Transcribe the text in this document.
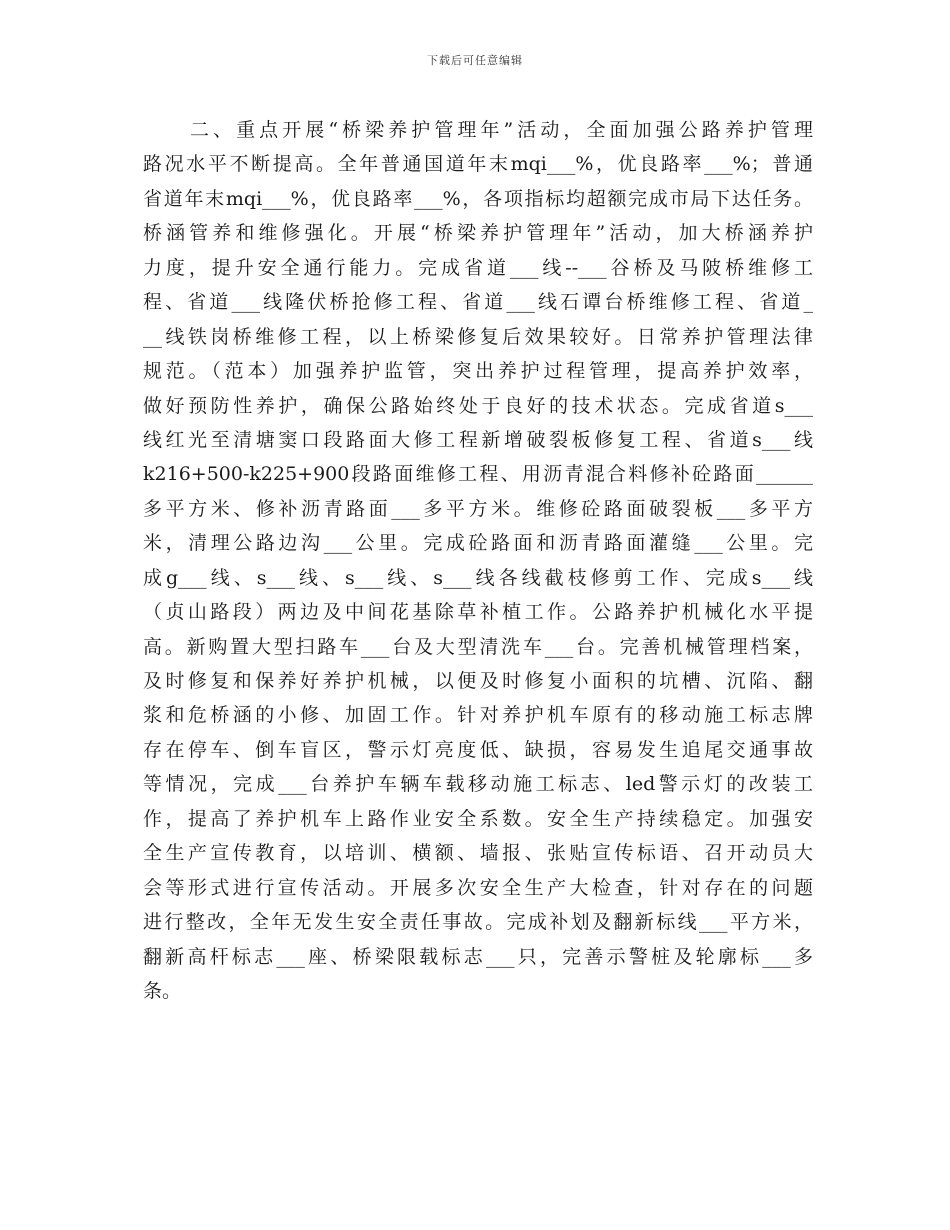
下载后可任意编辑
二、重点开展“桥梁养护管理年”活动，全面加强公路养护管理
路况水平不断提高。全年普通国道年末mqi___%，优良路率___%；普通
省道年末mqi___%，优良路率___%，各项指标均超额完成市局下达任务。
桥涵管养和维修强化。开展“桥梁养护管理年”活动，加大桥涵养护
力度，提升安全通行能力。完成省道___线--___谷桥及马陂桥维修工
程、省道___线隆伏桥抢修工程、省道___线石谭台桥维修工程、省道_
__线铁岗桥维修工程，以上桥梁修复后效果较好。日常养护管理法律
规范。（范本）加强养护监管，突出养护过程管理，提高养护效率，
做好预防性养护，确保公路始终处于良好的技术状态。完成省道s___
线红光至清塘窦口段路面大修工程新增破裂板修复工程、省道s___线
k216+500-k225+900段路面维修工程、用沥青混合料修补砼路面______
多平方米、修补沥青路面___多平方米。维修砼路面破裂板___多平方
米，清理公路边沟___公里。完成砼路面和沥青路面灌缝___公里。完
成g___线、s___线、s___线、s___线各线截枝修剪工作、完成s___线
（贞山路段）两边及中间花基除草补植工作。公路养护机械化水平提
高。新购置大型扫路车___台及大型清洗车___台。完善机械管理档案，
及时修复和保养好养护机械，以便及时修复小面积的坑槽、沉陷、翻
浆和危桥涵的小修、加固工作。针对养护机车原有的移动施工标志牌
存在停车、倒车盲区，警示灯亮度低、缺损，容易发生追尾交通事故
等情况，完成___台养护车辆车载移动施工标志、led警示灯的改装工
作，提高了养护机车上路作业安全系数。安全生产持续稳定。加强安
全生产宣传教育，以培训、横额、墙报、张贴宣传标语、召开动员大
会等形式进行宣传活动。开展多次安全生产大检查，针对存在的问题
进行整改，全年无发生安全责任事故。完成补划及翻新标线___平方米，
翻新高杆标志___座、桥梁限载标志___只，完善示警桩及轮廓标___多
条。
